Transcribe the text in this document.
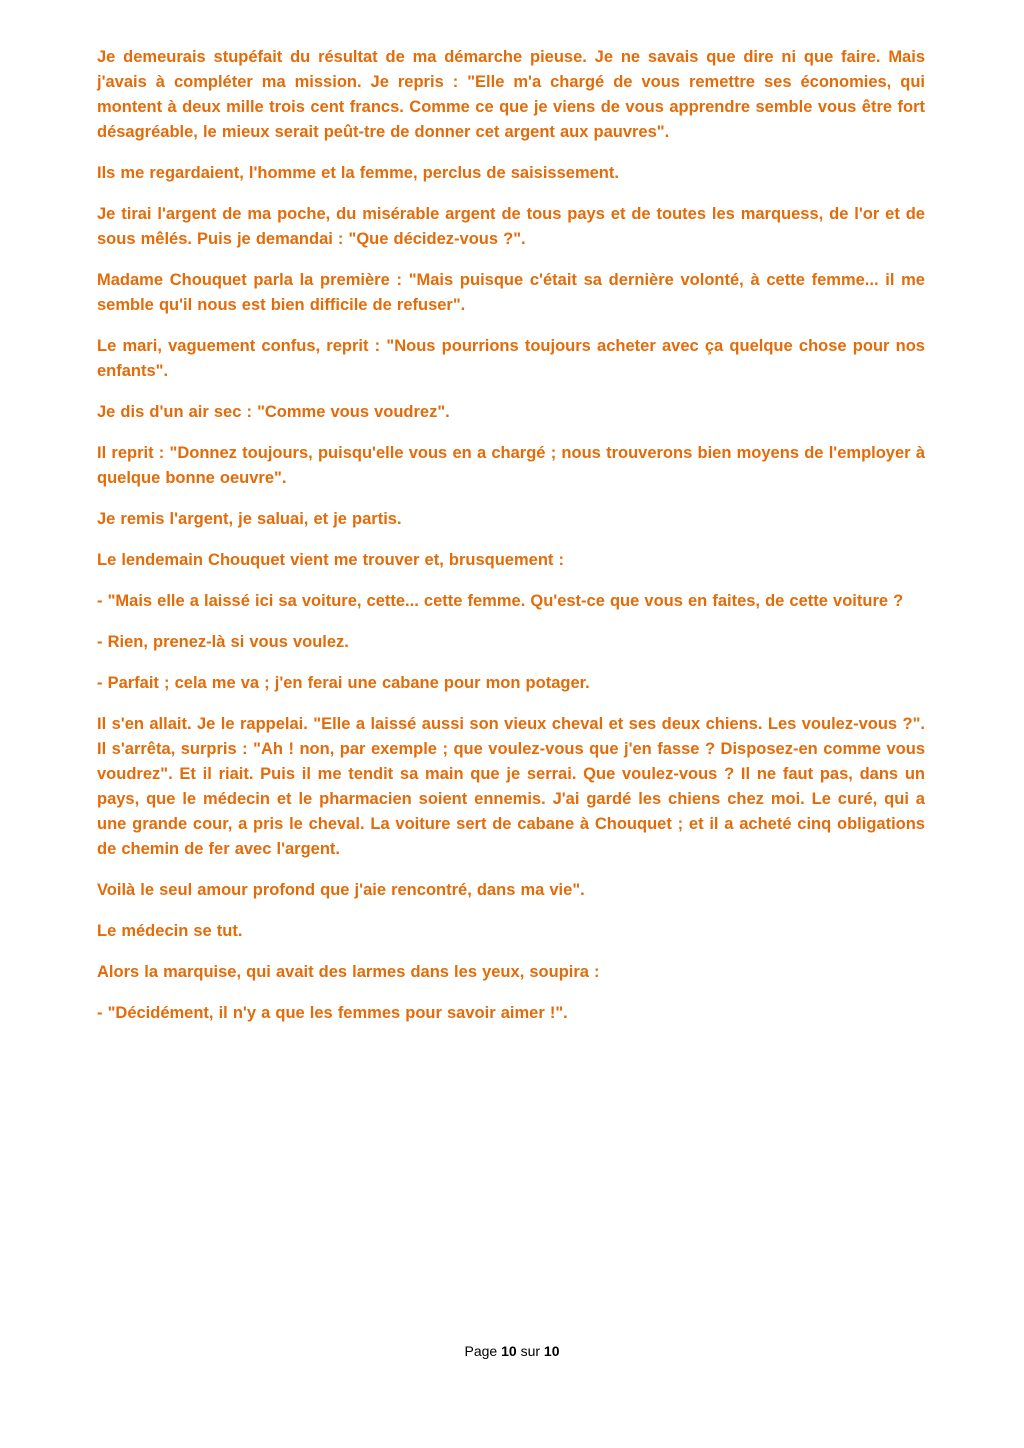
Je demeurais stupéfait du résultat de ma démarche pieuse. Je ne savais que dire ni que faire. Mais j'avais à compléter ma mission. Je repris : "Elle m'a chargé de vous remettre ses économies, qui montent à deux mille trois cent francs. Comme ce que je viens de vous apprendre semble vous être fort désagréable, le mieux serait peût-tre de donner cet argent aux pauvres".

Ils me regardaient, l'homme et la femme, perclus de saisissement.

Je tirai l'argent de ma poche, du misérable argent de tous pays et de toutes les marquess, de l'or et de sous mêlés. Puis je demandai : "Que décidez-vous ?".

Madame Chouquet parla la première : "Mais puisque c'était sa dernière volonté, à cette femme... il me semble qu'il nous est bien difficile de refuser".

Le mari, vaguement confus, reprit : "Nous pourrions toujours acheter avec ça quelque chose pour nos enfants".

Je dis d'un air sec : "Comme vous voudrez".

Il reprit : "Donnez toujours, puisqu'elle vous en a chargé ; nous trouverons bien moyens de l'employer à quelque bonne oeuvre".

Je remis l'argent, je saluai, et je partis.

Le lendemain Chouquet vient me trouver et, brusquement :

- "Mais elle a laissé ici sa voiture, cette... cette femme. Qu'est-ce que vous en faites, de cette voiture ?

- Rien, prenez-là si vous voulez.

- Parfait ; cela me va ; j'en ferai une cabane pour mon potager.

Il s'en allait. Je le rappelai. "Elle a laissé aussi son vieux cheval et ses deux chiens. Les voulez-vous ?". Il s'arrêta, surpris : "Ah ! non, par exemple ; que voulez-vous que j'en fasse ? Disposez-en comme vous voudrez". Et il riait. Puis il me tendit sa main que je serrai. Que voulez-vous ? Il ne faut pas, dans un pays, que le médecin et le pharmacien soient ennemis. J'ai gardé les chiens chez moi. Le curé, qui a une grande cour, a pris le cheval. La voiture sert de cabane à Chouquet ; et il a acheté cinq obligations de chemin de fer avec l'argent.

Voilà le seul amour profond que j'aie rencontré, dans ma vie".

Le médecin se tut.

Alors la marquise, qui avait des larmes dans les yeux, soupira :

- "Décidément, il n'y a que les femmes pour savoir aimer !".

Page 10 sur 10
